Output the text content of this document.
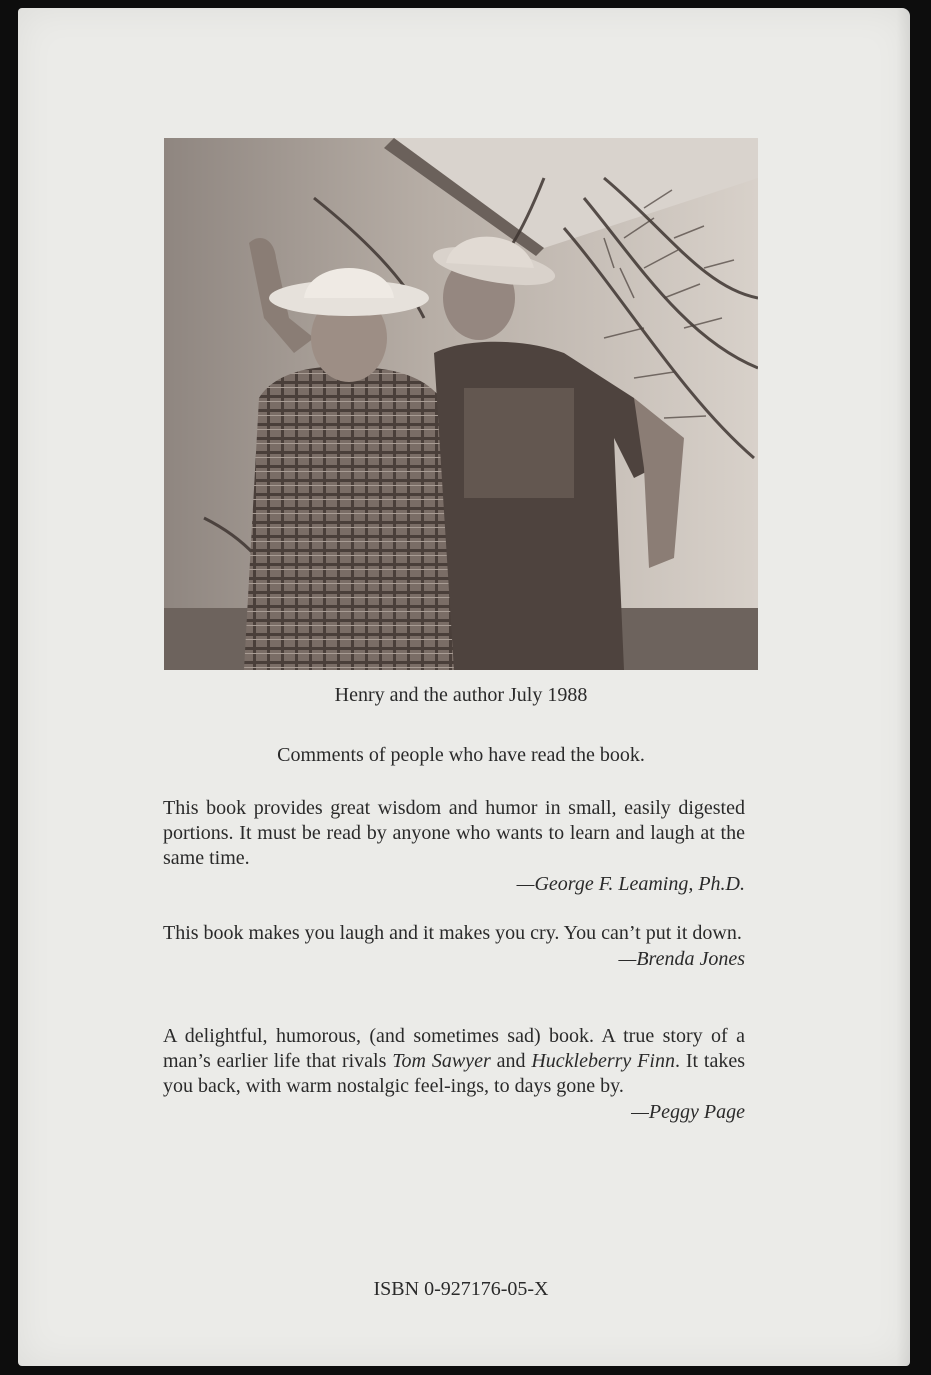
Henry and the author July 1988
Comments of people who have read the book.

This book provides great wisdom and humor in small, easily digested portions. It must be read by anyone who wants to learn and laugh at the same time.

—George F. Leaming, Ph.D.

This book makes you laugh and it makes you cry. You can’t put it down.

—Brenda Jones

A delightful, humorous, (and sometimes sad) book. A true story of a man’s earlier life that rivals Tom Sawyer and Huckleberry Finn. It takes you back, with warm nostalgic feel-ings, to days gone by.

—Peggy Page
ISBN 0-927176-05-X
